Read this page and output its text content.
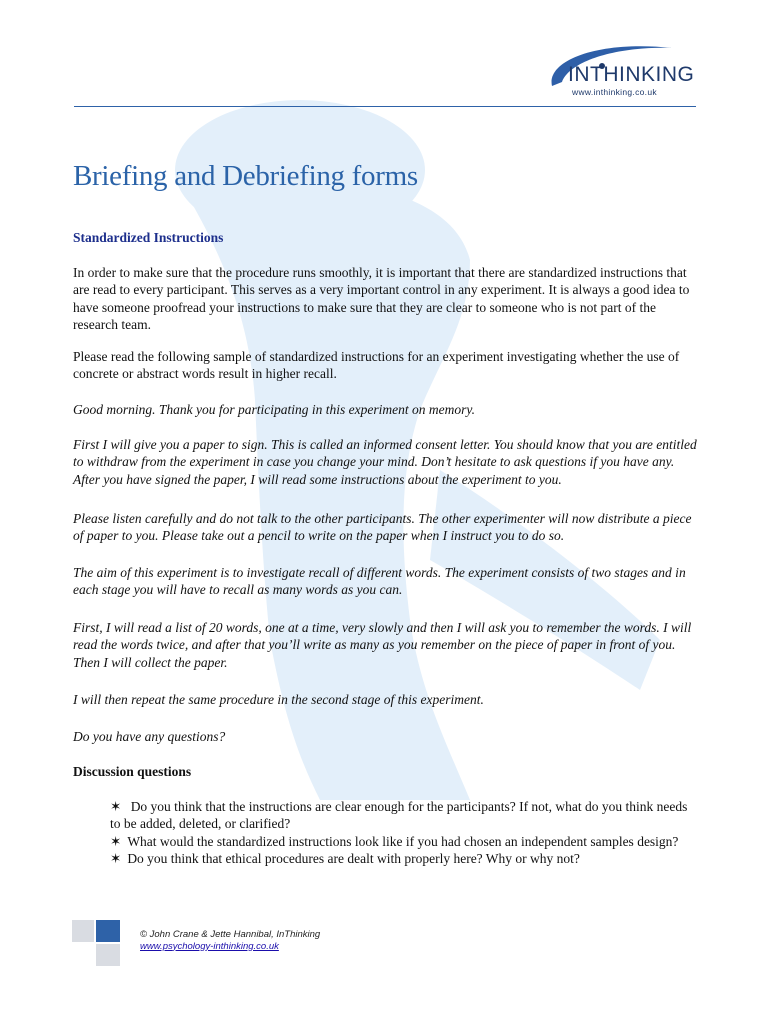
INTHINKING
www.inthinking.co.uk
Briefing and Debriefing forms
Standardized Instructions

In order to make sure that the procedure runs smoothly, it is important that there are standardized instructions that are read to every participant. This serves as a very important control in any experiment. It is always a good idea to have someone proofread your instructions to make sure that they are clear to someone who is not part of the research team.

Please read the following sample of standardized instructions for an experiment investigating whether the use of concrete or abstract words result in higher recall.

Good morning. Thank you for participating in this experiment on memory.

First I will give you a paper to sign. This is called an informed consent letter. You should know that you are entitled to withdraw from the experiment in case you change your mind. Don’t hesitate to ask questions if you have any. After you have signed the paper, I will read some instructions about the experiment to you.

Please listen carefully and do not talk to the other participants. The other experimenter will now distribute a piece of paper to you. Please take out a pencil to write on the paper when I instruct you to do so.

The aim of this experiment is to investigate recall of different words. The experiment consists of two stages and in each stage you will have to recall as many words as you can.

First, I will read a list of 20 words, one at a time, very slowly and then I will ask you to remember the words. I will read the words twice, and after that you’ll write as many as you remember on the piece of paper in front of you. Then I will collect the paper.

I will then repeat the same procedure in the second stage of this experiment.

Do you have any questions?

Discussion questions
✶ Do you think that the instructions are clear enough for the participants? If not, what do you think needs to be added, deleted, or clarified?
✶ What would the standardized instructions look like if you had chosen an independent samples design?
✶ Do you think that ethical procedures are dealt with properly here? Why or why not?
© John Crane & Jette Hannibal, InThinking
www.psychology-inthinking.co.uk
